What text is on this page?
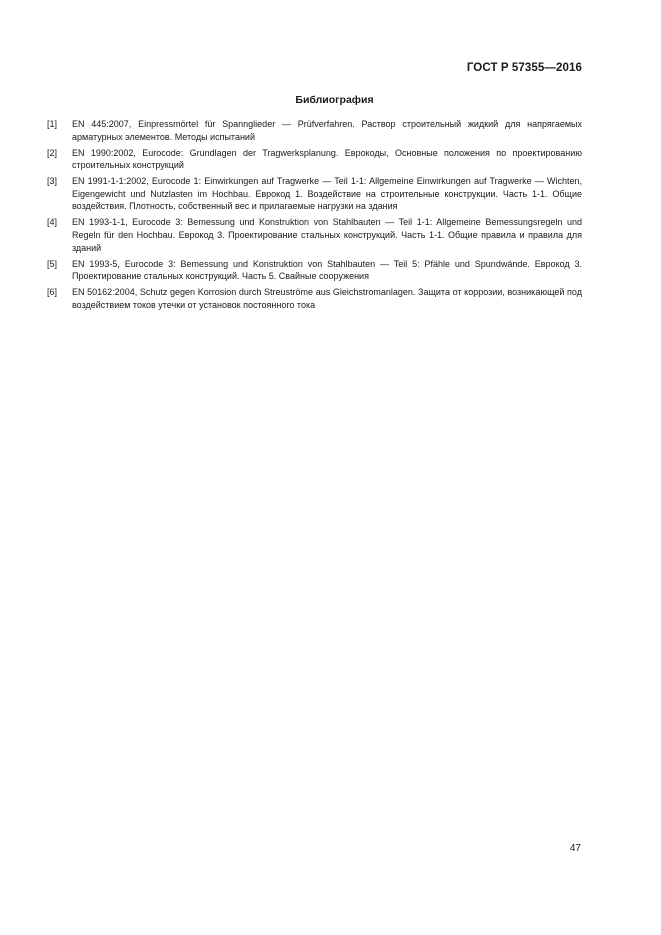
ГОСТ Р 57355—2016
Библиография
[1]	EN 445:2007, Einpressmörtel für Spannglieder — Prüfverfahren. Раствор строительный жидкий для напрягаемых арматурных элементов. Методы испытаний
[2]	EN 1990:2002, Eurocode: Grundlagen der Tragwerksplanung. Еврокоды, Основные положения по проектированию строительных конструкций
[3]	EN 1991-1-1:2002, Eurocode 1: Einwirkungen auf Tragwerke — Teil 1-1: Allgemeine Einwirkungen auf Tragwerke — Wichten, Eigengewicht und Nutzlasten im Hochbau. Еврокод 1. Воздействие на строительные конструкции. Часть 1-1. Общие воздействия. Плотность, собственный вес и прилагаемые нагрузки на здания
[4]	EN 1993-1-1, Eurocode 3: Bemessung und Konstruktion von Stahlbauten — Teil 1-1: Allgemeine Bemessungsregeln und Regeln für den Hochbau. Еврокод 3. Проектирование стальных конструкций. Часть 1-1. Общие правила и правила для зданий
[5]	EN 1993-5, Eurocode 3: Bemessung und Konstruktion von Stahlbauten — Teil 5: Pfähle und Spundwände. Еврокод 3. Проектирование стальных конструкций. Часть 5. Свайные сооружения
[6]	EN 50162:2004, Schutz gegen Korrosion durch Streuströme aus Gleichstromanlagen. Защита от коррозии, возникающей под воздействием токов утечки от установок постоянного тока
47
